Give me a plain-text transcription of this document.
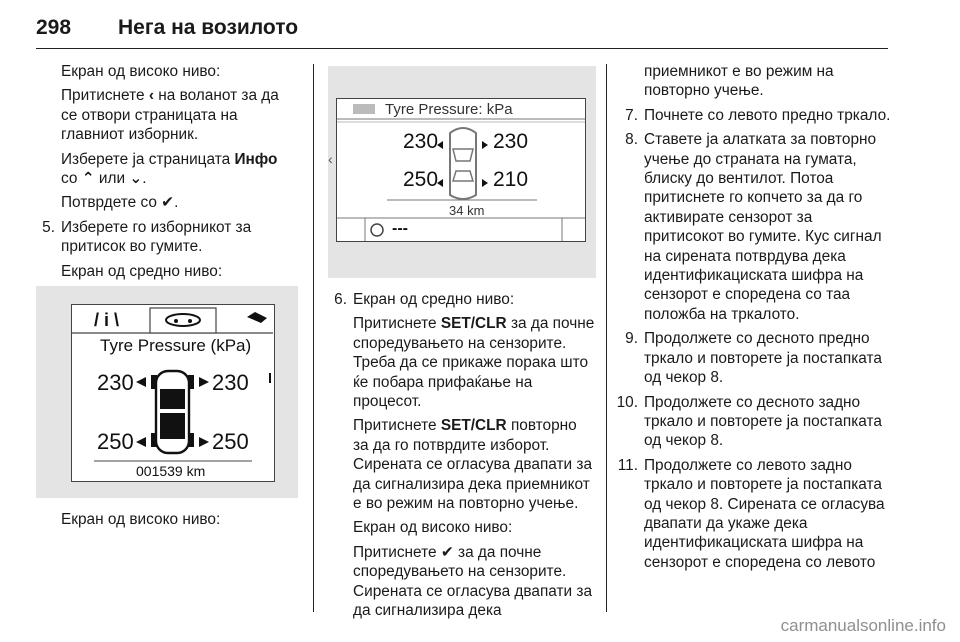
298 Нега на возилото

Екран од високо ниво:

Притиснете ‹ на воланот за да се отвори страницата на главниот изборник.

Изберете ја страницата Инфо со ⌃ или ⌄.

Потврдете со ✔.

5. Изберете го изборникот за притисок во гумите.

Екран од средно ниво:

/ i \
Tyre Pressure (kPa)
230	230
250	250
001539 km

Екран од високо ниво:

Tyre Pressure: kPa
230	230
250	210
34 km
---
‹
6. Екран од средно ниво:

Притиснете SET/CLR за да почне споредувањето на сензорите. Треба да се прикаже порака што ќе побара прифаќање на процесот.

Притиснете SET/CLR повторно за да го потврдите изборот. Сирената се огласува двапати за да сигнализира дека приемникот е во режим на повторно учење.

Екран од високо ниво:

Притиснете ✔ за да почне споредувањето на сензорите. Сирената се огласува двапати за да сигнализира дека

приемникот е во режим на повторно учење.

7. Почнете со левото предно тркало.
8. Ставете ја алатката за повторно учење до страната на гумата, блиску до вентилот. Потоа притиснете го копчето за да го активирате сензорот за притисокот во гумите. Кус сигнал на сирената потврдува дека идентификациската шифра на сензорот е споредена со таа положба на тркалото.
9. Продолжете со десното предно тркало и повторете ја постапката од чекор 8.
10. Продолжете со десното задно тркало и повторете ја постапката од чекор 8.
11. Продолжете со левото задно тркало и повторете ја постапката од чекор 8. Сирената се огласува двапати да укаже дека идентификациската шифра на сензорот е споредена со левото
carmanualsonline.info
